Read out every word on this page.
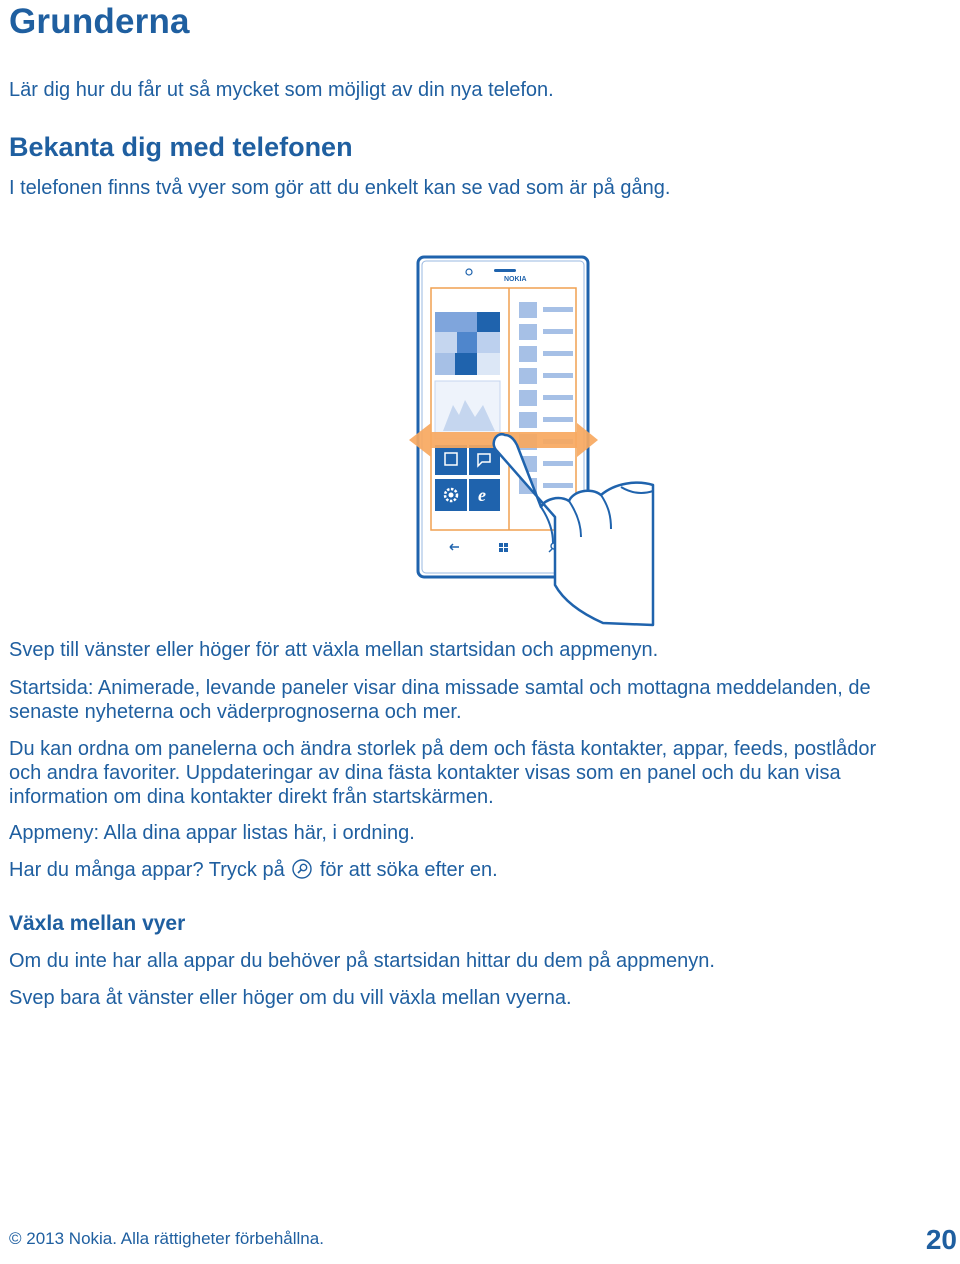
Grunderna
Lär dig hur du får ut så mycket som möjligt av din nya telefon.
Bekanta dig med telefonen
I telefonen finns två vyer som gör att du enkelt kan se vad som är på gång.
NOKIA
e
Svep till vänster eller höger för att växla mellan startsidan och appmenyn.
Startsida: Animerade, levande paneler visar dina missade samtal och mottagna meddelanden, de
senaste nyheterna och väderprognoserna och mer.
Du kan ordna om panelerna och ändra storlek på dem och fästa kontakter, appar, feeds, postlådor
och andra favoriter. Uppdateringar av dina fästa kontakter visas som en panel och du kan visa
information om dina kontakter direkt från startskärmen.
Appmeny: Alla dina appar listas här, i ordning.
Har du många appar? Tryck på för att söka efter en.
Växla mellan vyer
Om du inte har alla appar du behöver på startsidan hittar du dem på appmenyn.
Svep bara åt vänster eller höger om du vill växla mellan vyerna.
© 2013 Nokia. Alla rättigheter förbehållna.	20
